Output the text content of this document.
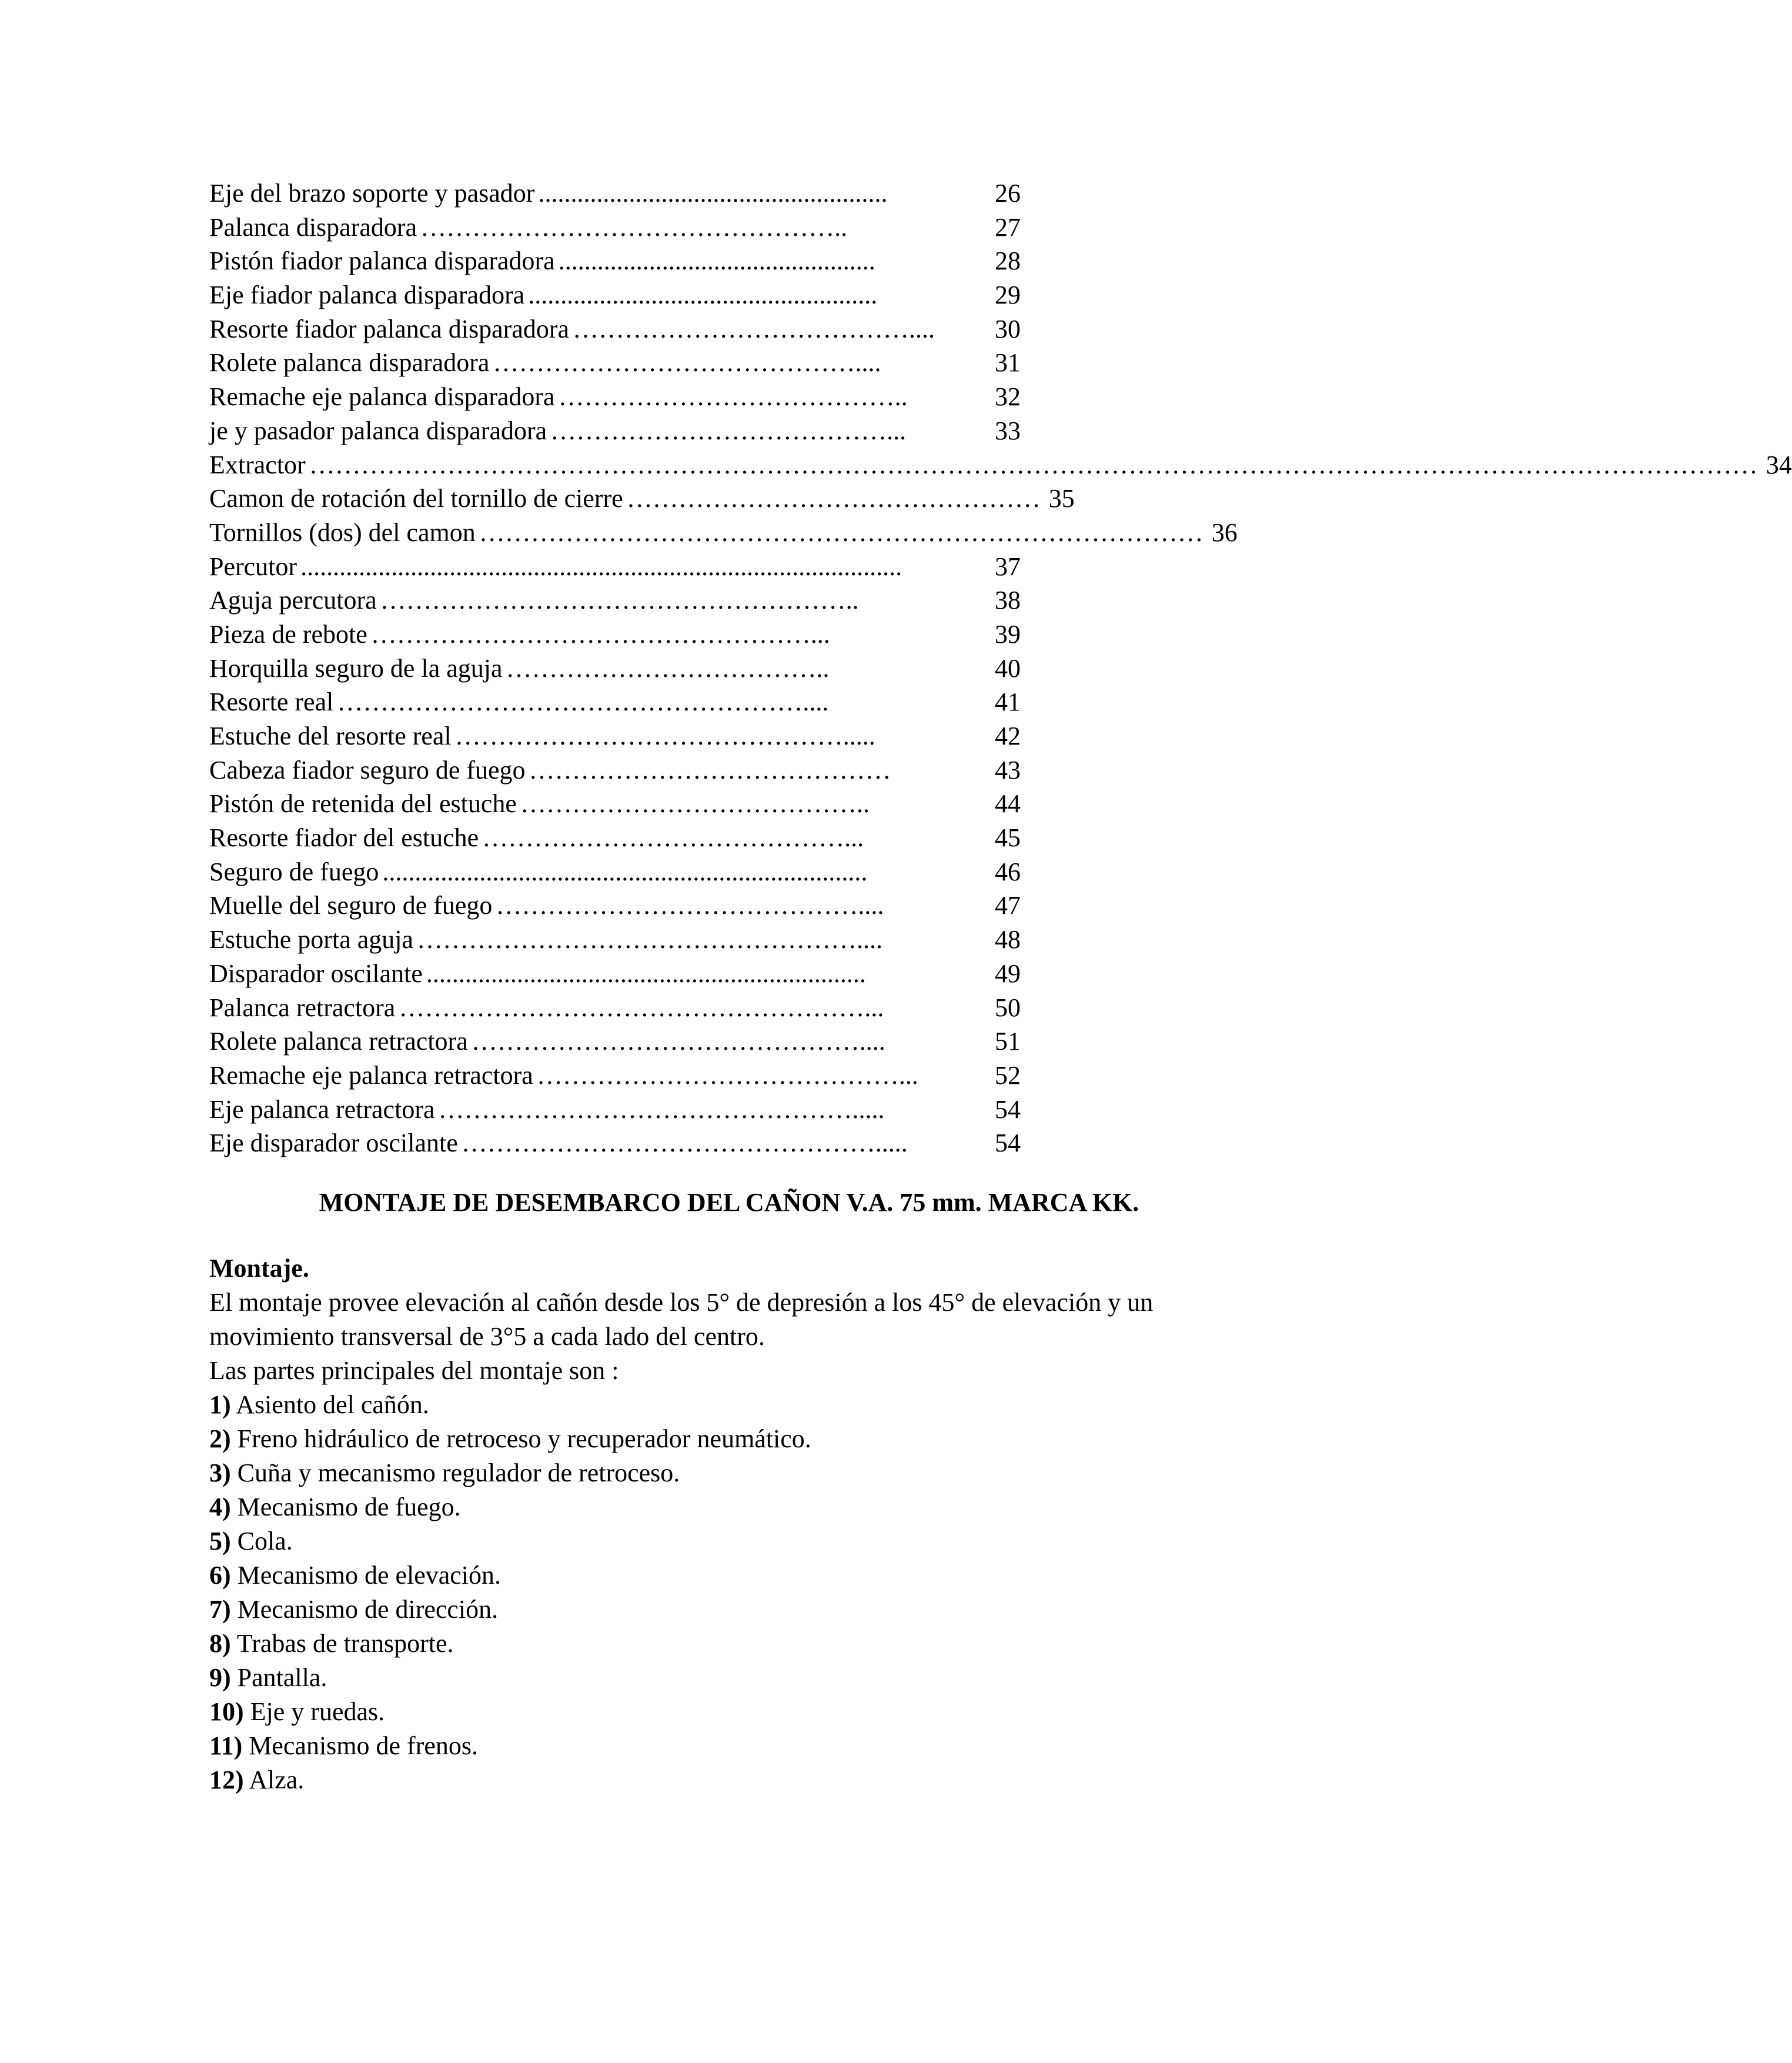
Eje del brazo soporte y pasador ......................................................	26
Palanca disparadora …………………………………………..	27
Pistón fiador palanca disparadora .................................................	28
Eje fiador palanca disparadora ......................................................	29
Resorte fiador palanca disparadora …………………………………....	30
Rolete palanca disparadora ……………………………………....	31
Remache eje palanca disparadora …………………………………..	32
je y pasador palanca disparadora …………………………………...	33
Extractor …………………………………………………………………………………………………………………………………………………… 34
Camon de rotación del tornillo de cierre ………………………………………… 35
Tornillos (dos) del camon ………………………………………………………………………… 36
Percutor .............................................................................................	37
Aguja percutora ………………………………………………..	38
Pieza de rebote ……………………………………………...	39
Horquilla seguro de la aguja ………………………………..	40
Resorte real ………………………………………………....	41
Estuche del resorte real ……………………………………….....	42
Cabeza fiador seguro de fuego ……………………………………	43
Pistón de retenida del estuche …………………………………..	44
Resorte fiador del estuche ……………………………………...	45
Seguro de fuego ...........................................................................	46
Muelle del seguro de fuego ……………………………………....	47
Estuche porta aguja ……………………………………………....	48
Disparador oscilante ....................................................................	49
Palanca retractora ………………………………………………...	50
Rolete palanca retractora ………………………………………....	51
Remache eje palanca retractora ……………………………………...	52
Eje palanca retractora ………………………………………….....	54
Eje disparador oscilante ………………………………………….....	54
MONTAJE DE DESEMBARCO DEL CAÑON V.A. 75 mm. MARCA KK.
Montaje.

El montaje provee elevación al cañón desde los 5° de depresión a los 45° de elevación y un movimiento transversal de 3°5 a cada lado del centro.

Las partes principales del montaje son :

1) Asiento del cañón.
2) Freno hidráulico de retroceso y recuperador neumático.
3) Cuña y mecanismo regulador de retroceso.
4) Mecanismo de fuego.
5) Cola.
6) Mecanismo de elevación.
7) Mecanismo de dirección.
8) Trabas de transporte.
9) Pantalla.
10) Eje y ruedas.
11) Mecanismo de frenos.
12) Alza.
